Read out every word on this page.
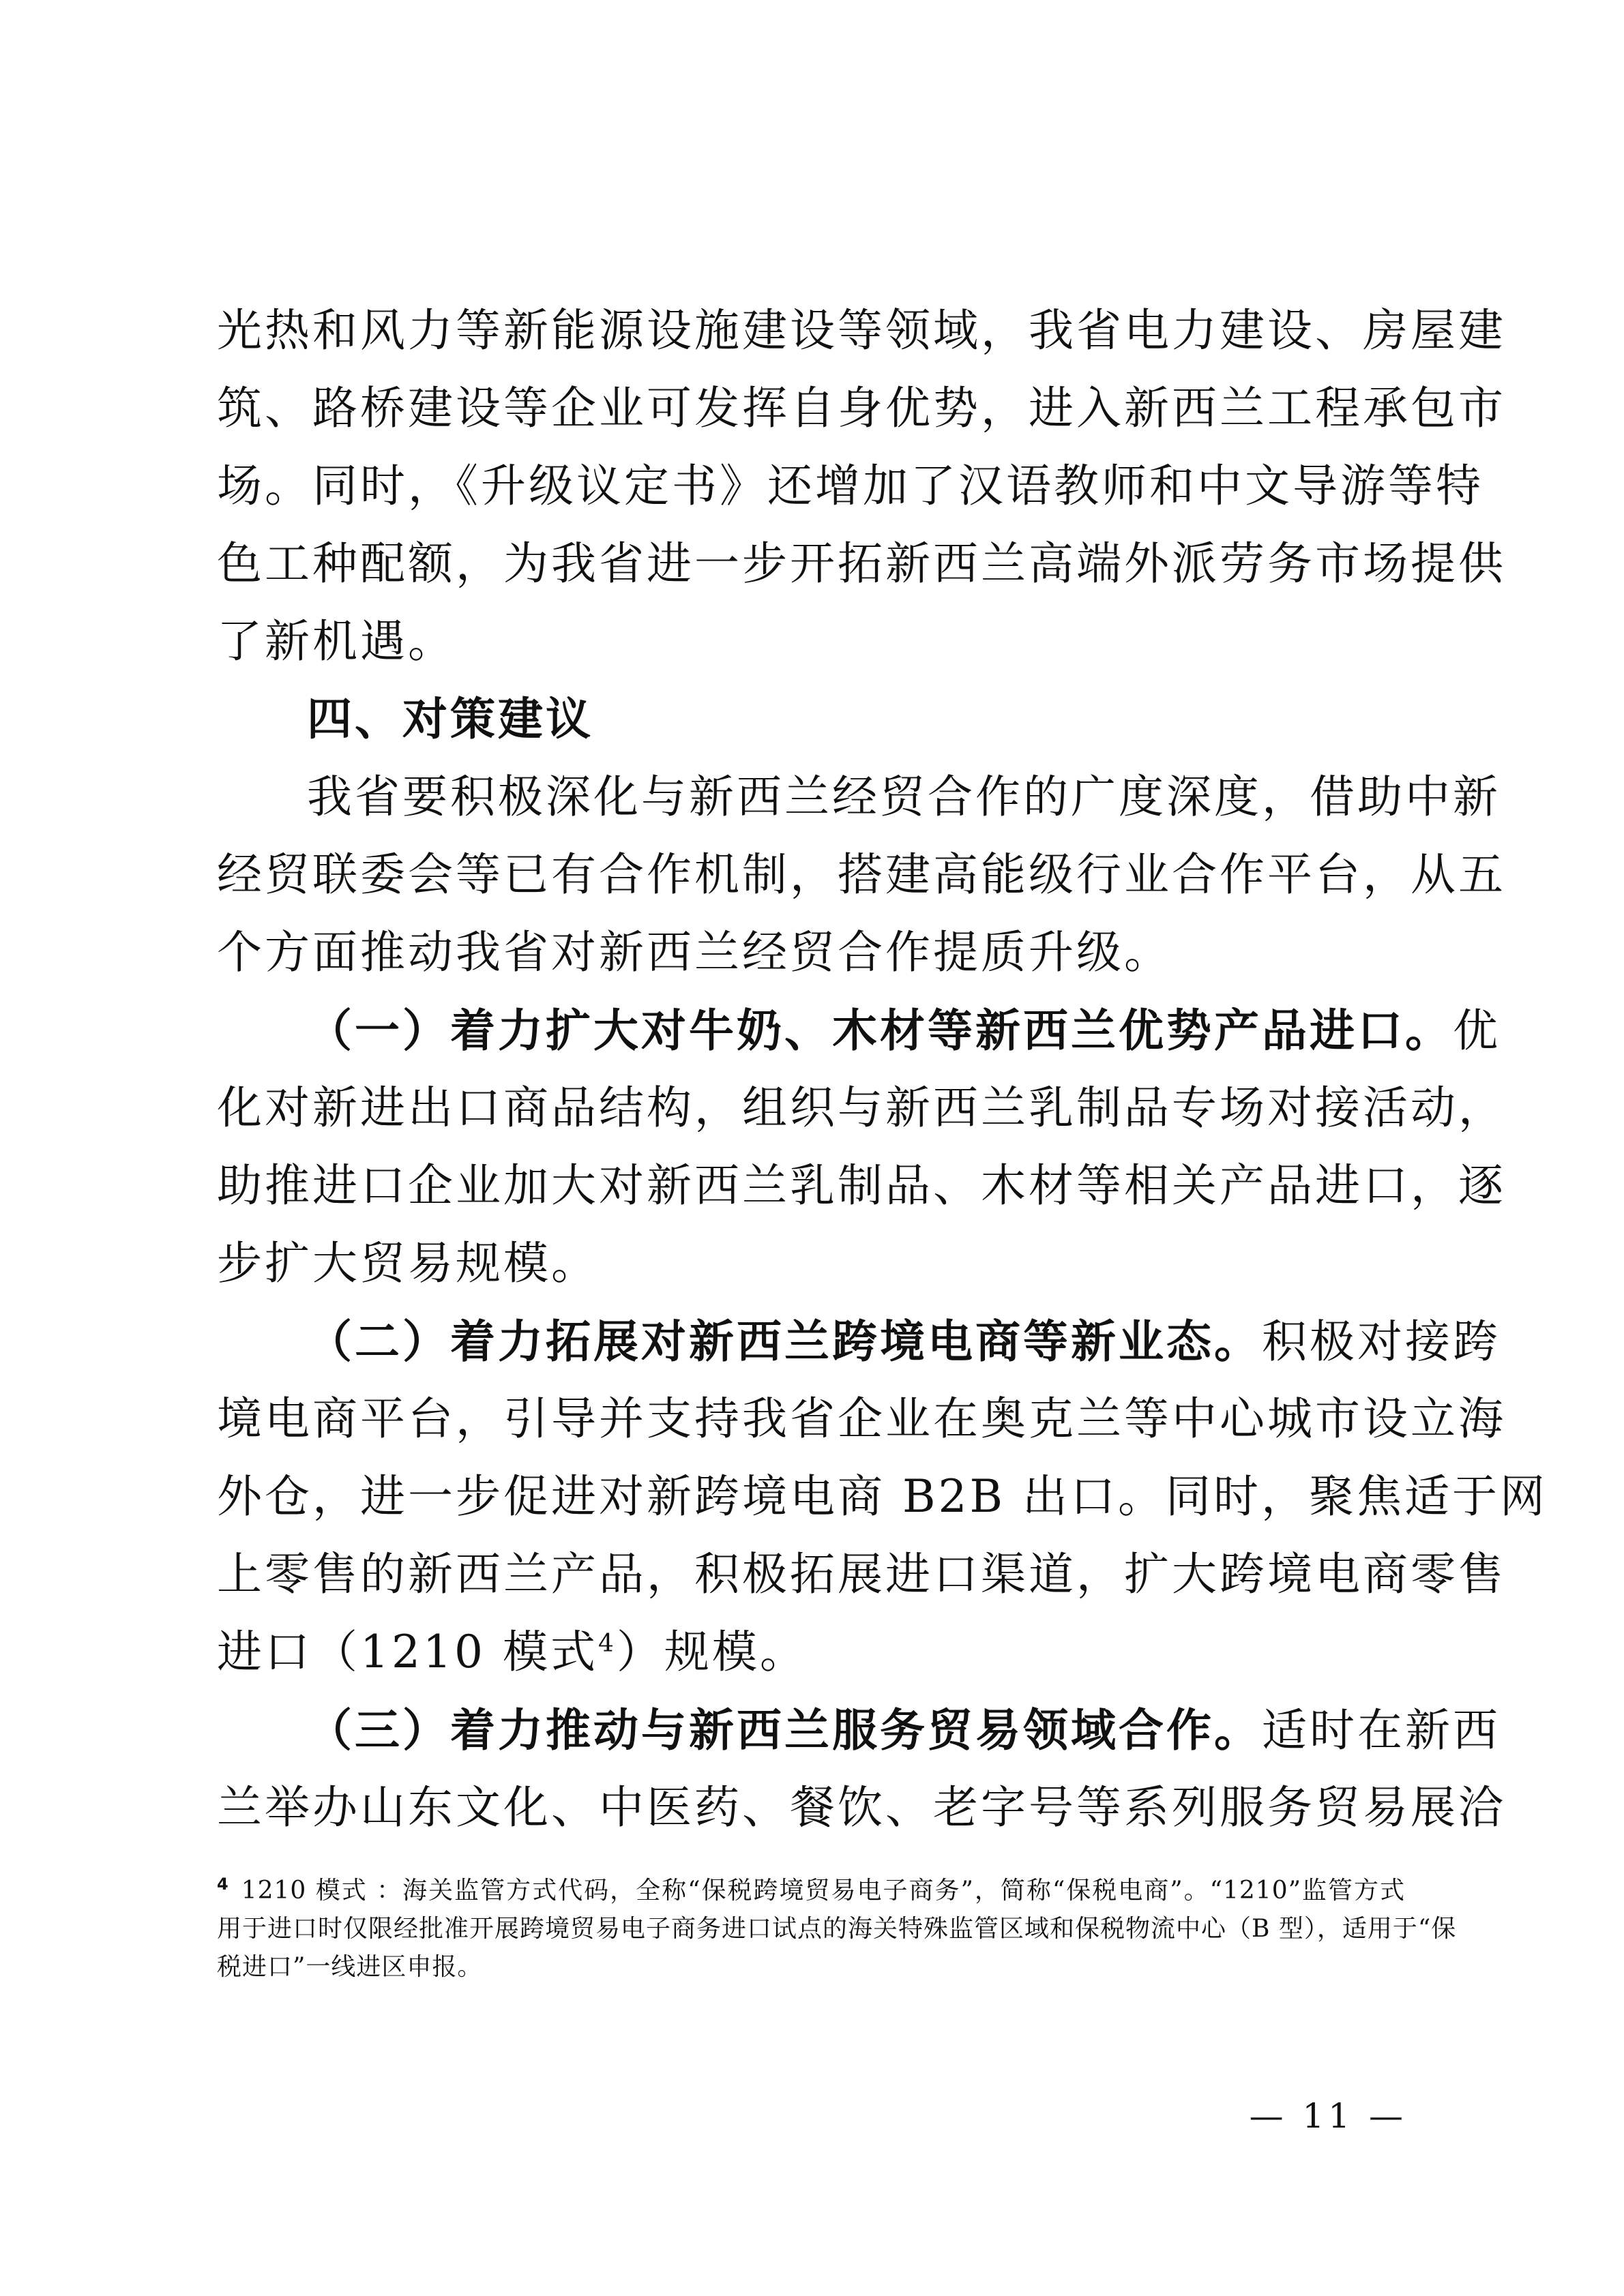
光热和风力等新能源设施建设等领域，我省电力建设、房屋建
筑、路桥建设等企业可发挥自身优势，进入新西兰工程承包市
场。同时，《升级议定书》还增加了汉语教师和中文导游等特
色工种配额，为我省进一步开拓新西兰高端外派劳务市场提供
了新机遇。
四、对策建议
我省要积极深化与新西兰经贸合作的广度深度，借助中新
经贸联委会等已有合作机制，搭建高能级行业合作平台，从五
个方面推动我省对新西兰经贸合作提质升级。
（一）着力扩大对牛奶、木材等新西兰优势产品进口。优
化对新进出口商品结构，组织与新西兰乳制品专场对接活动，
助推进口企业加大对新西兰乳制品、木材等相关产品进口，逐
步扩大贸易规模。
（二）着力拓展对新西兰跨境电商等新业态。积极对接跨
境电商平台，引导并支持我省企业在奥克兰等中心城市设立海
外仓，进一步促进对新跨境电商 B2B 出口。同时，聚焦适于网
上零售的新西兰产品，积极拓展进口渠道，扩大跨境电商零售
进口（1210 模式$^4$）规模。
（三）着力推动与新西兰服务贸易领域合作。适时在新西
兰举办山东文化、中医药、餐饮、老字号等系列服务贸易展洽
$^4$ 1210 模式 ：海关监管方式代码，全称“保税跨境贸易电子商务”，简称“保税电商”。“1210”监管方式
用于进口时仅限经批准开展跨境贸易电子商务进口试点的海关特殊监管区域和保税物流中心（B 型），适用于“保
税进口”一线进区申报。
— 11 —
